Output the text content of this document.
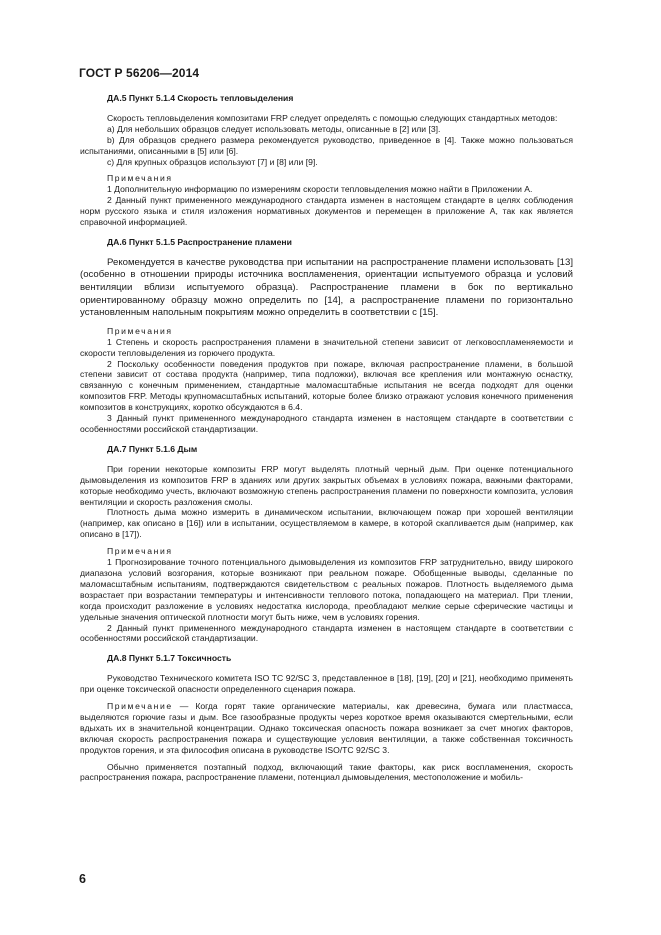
ГОСТ Р 56206—2014

ДА.5 Пункт 5.1.4 Скорость тепловыделения

Скорость тепловыделения композитами FRP следует определять с помощью следующих стандартных методов:

a) Для небольших образцов следует использовать методы, описанные в [2] или [3].

b) Для образцов среднего размера рекомендуется руководство, приведенное в [4]. Также можно пользоваться испытаниями, описанными в [5] или [6].

c) Для крупных образцов используют [7] и [8] или [9].

Примечания

1 Дополнительную информацию по измерениям скорости тепловыделения можно найти в Приложении А.

2 Данный пункт примененного международного стандарта изменен в настоящем стандарте в целях соблюдения норм русского языка и стиля изложения нормативных документов и перемещен в приложение А, так как является справочной информацией.

ДА.6 Пункт 5.1.5 Распространение пламени

Рекомендуется в качестве руководства при испытании на распространение пламени использовать [13] (особенно в отношении природы источника воспламенения, ориентации испытуемого образца и условий вентиляции вблизи испытуемого образца). Распространение пламени в бок по вертикально ориентированному образцу можно определить по [14], а распространение пламени по горизонтально установленным напольным покрытиям можно определить в соответствии с [15].

Примечания

1 Степень и скорость распространения пламени в значительной степени зависит от легковоспламеняемости и скорости тепловыделения из горючего продукта.

2 Поскольку особенности поведения продуктов при пожаре, включая распространение пламени, в большой степени зависит от состава продукта (например, типа подложки), включая все крепления или монтажную оснастку, связанную с конечным применением, стандартные маломасштабные испытания не всегда подходят для оценки композитов FRP. Методы крупномасштабных испытаний, которые более близко отражают условия конечного применения композитов в конструкциях, коротко обсуждаются в 6.4.

3 Данный пункт примененного международного стандарта изменен в настоящем стандарте в соответствии с особенностями российской стандартизации.

ДА.7 Пункт 5.1.6 Дым

При горении некоторые композиты FRP могут выделять плотный черный дым. При оценке потенциального дымовыделения из композитов FRP в зданиях или других закрытых объемах в условиях пожара, важными факторами, которые необходимо учесть, включают возможную степень распространения пламени по поверхности композита, условия вентиляции и скорость разложения смолы.

Плотность дыма можно измерить в динамическом испытании, включающем пожар при хорошей вентиляции (например, как описано в [16]) или в испытании, осуществляемом в камере, в которой скапливается дым (например, как описано в [17]).

Примечания

1 Прогнозирование точного потенциального дымовыделения из композитов FRP затруднительно, ввиду широкого диапазона условий возгорания, которые возникают при реальном пожаре. Обобщенные выводы, сделанные по маломасштабным испытаниям, подтверждаются свидетельством с реальных пожаров. Плотность выделяемого дыма возрастает при возрастании температуры и интенсивности теплового потока, попадающего на материал. При тлении, когда происходит разложение в условиях недостатка кислорода, преобладают мелкие серые сферические частицы и удельные значения оптической плотности могут быть ниже, чем в условиях горения.

2 Данный пункт примененного международного стандарта изменен в настоящем стандарте в соответствии с особенностями российской стандартизации.

ДА.8 Пункт 5.1.7 Токсичность

Руководство Технического комитета ISO TC 92/SC 3, представленное в [18], [19], [20] и [21], необходимо применять при оценке токсической опасности определенного сценария пожара.

Примечание — Когда горят такие органические материалы, как древесина, бумага или пластмасса, выделяются горючие газы и дым. Все газообразные продукты через короткое время оказываются смертельными, если вдыхать их в значительной концентрации. Однако токсическая опасность пожара возникает за счет многих факторов, включая скорость распространения пожара и существующие условия вентиляции, а также собственная токсичность продуктов горения, и эта философия описана в руководстве ISO/TC 92/SC 3.

Обычно применяется поэтапный подход, включающий такие факторы, как риск воспламенения, скорость распространения пожара, распространение пламени, потенциал дымовыделения, местоположение и мобиль-

6
